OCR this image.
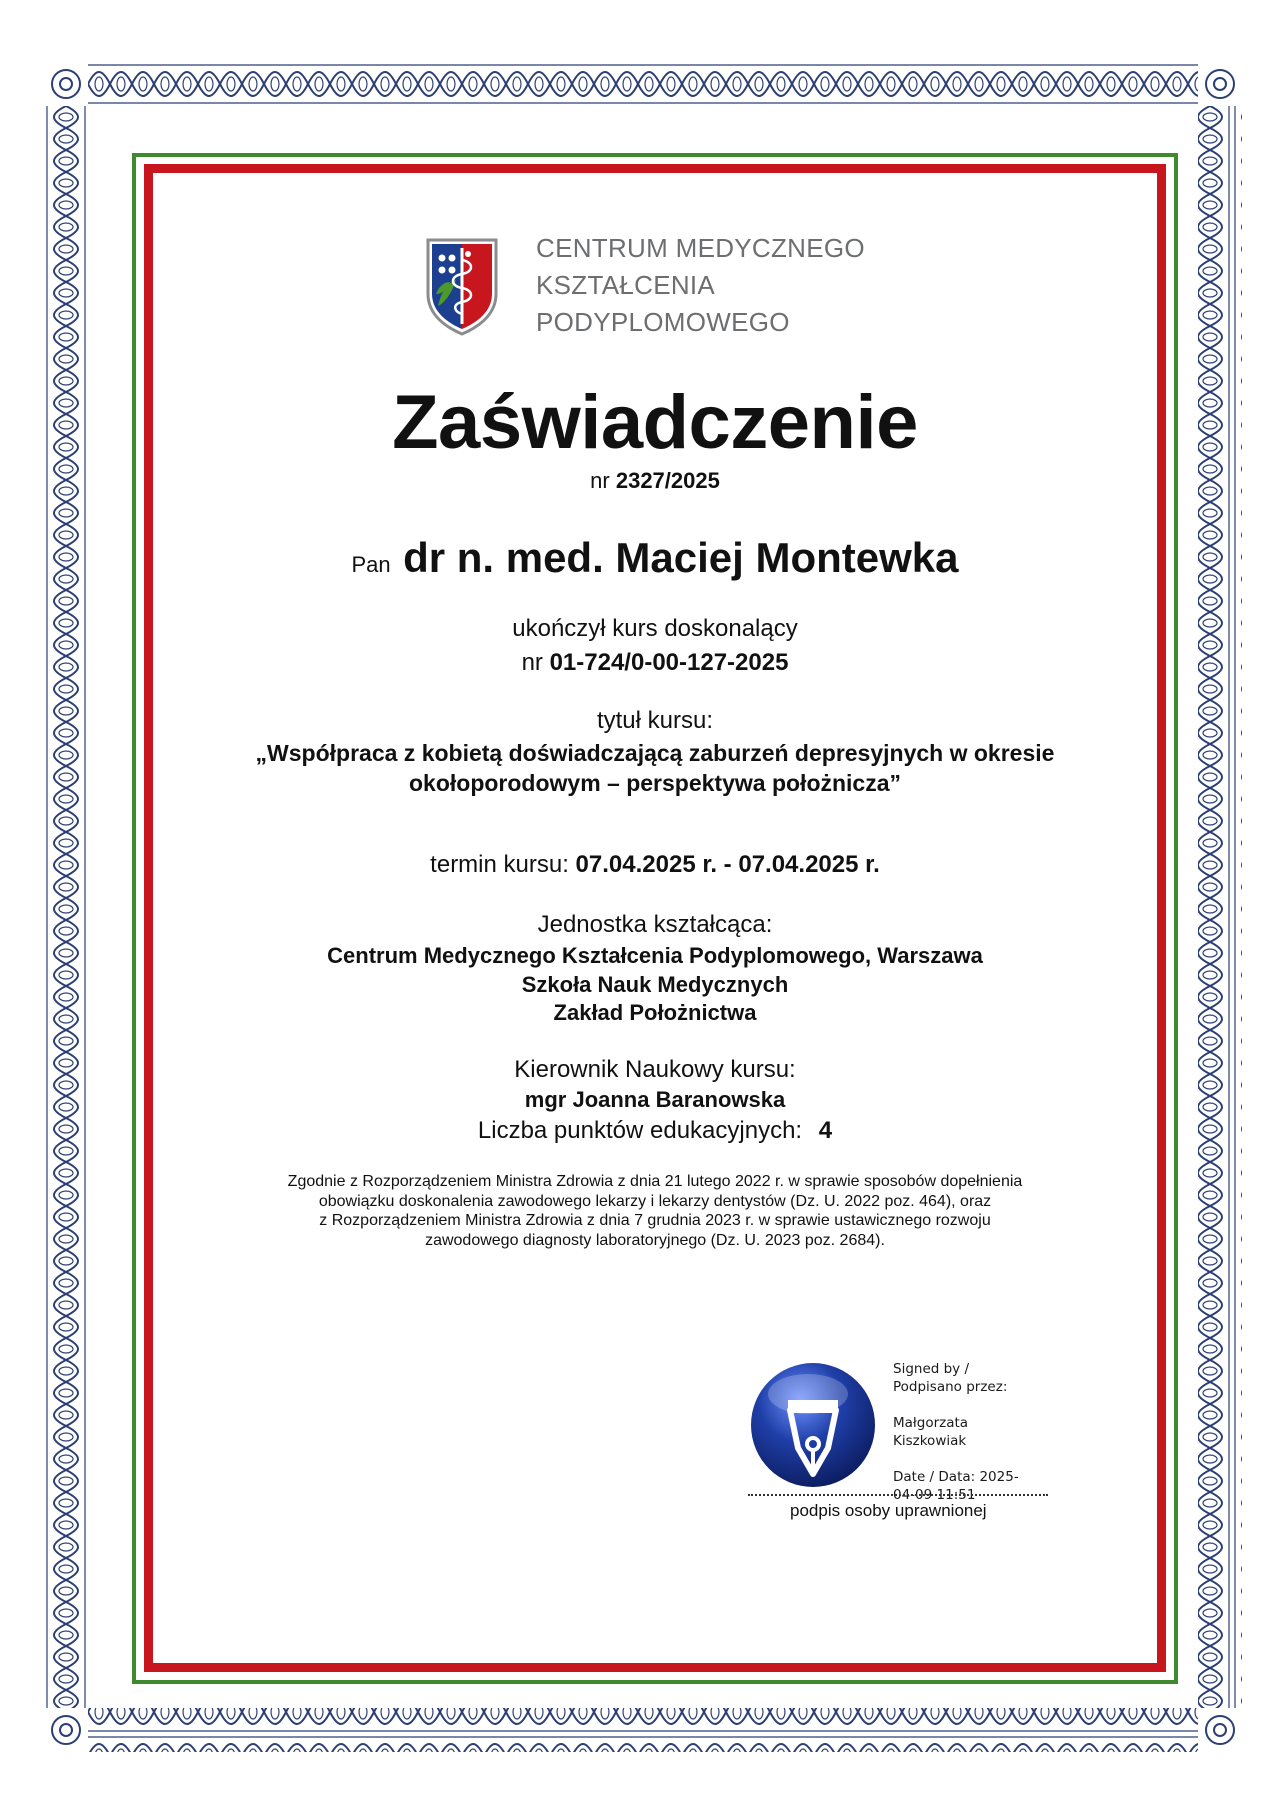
CENTRUM MEDYCZNEGO
KSZTAŁCENIA
PODYPLOMOWEGO
Zaświadczenie
nr 2327/2025
Pan dr n. med. Maciej Montewka
ukończył kurs doskonalący
nr 01-724/0-00-127-2025
tytuł kursu:
„Współpraca z kobietą doświadczającą zaburzeń depresyjnych w okresie
okołoporodowym – perspektywa położnicza”
termin kursu: 07.04.2025 r. - 07.04.2025 r.
Jednostka kształcąca:
Centrum Medycznego Kształcenia Podyplomowego, Warszawa
Szkoła Nauk Medycznych
Zakład Położnictwa
Kierownik Naukowy kursu:
mgr Joanna Baranowska
Liczba punktów edukacyjnych: 4
Zgodnie z Rozporządzeniem Ministra Zdrowia z dnia 21 lutego 2022 r. w sprawie sposobów dopełnienia
obowiązku doskonalenia zawodowego lekarzy i lekarzy dentystów (Dz. U. 2022 poz. 464), oraz
z Rozporządzeniem Ministra Zdrowia z dnia 7 grudnia 2023 r. w sprawie ustawicznego rozwoju
zawodowego diagnosty laboratoryjnego (Dz. U. 2023 poz. 2684).
Signed by /
Podpisano przez:
Małgorzata
Kiszkowiak
Date / Data: 2025-
04-09 11:51
podpis osoby uprawnionej
